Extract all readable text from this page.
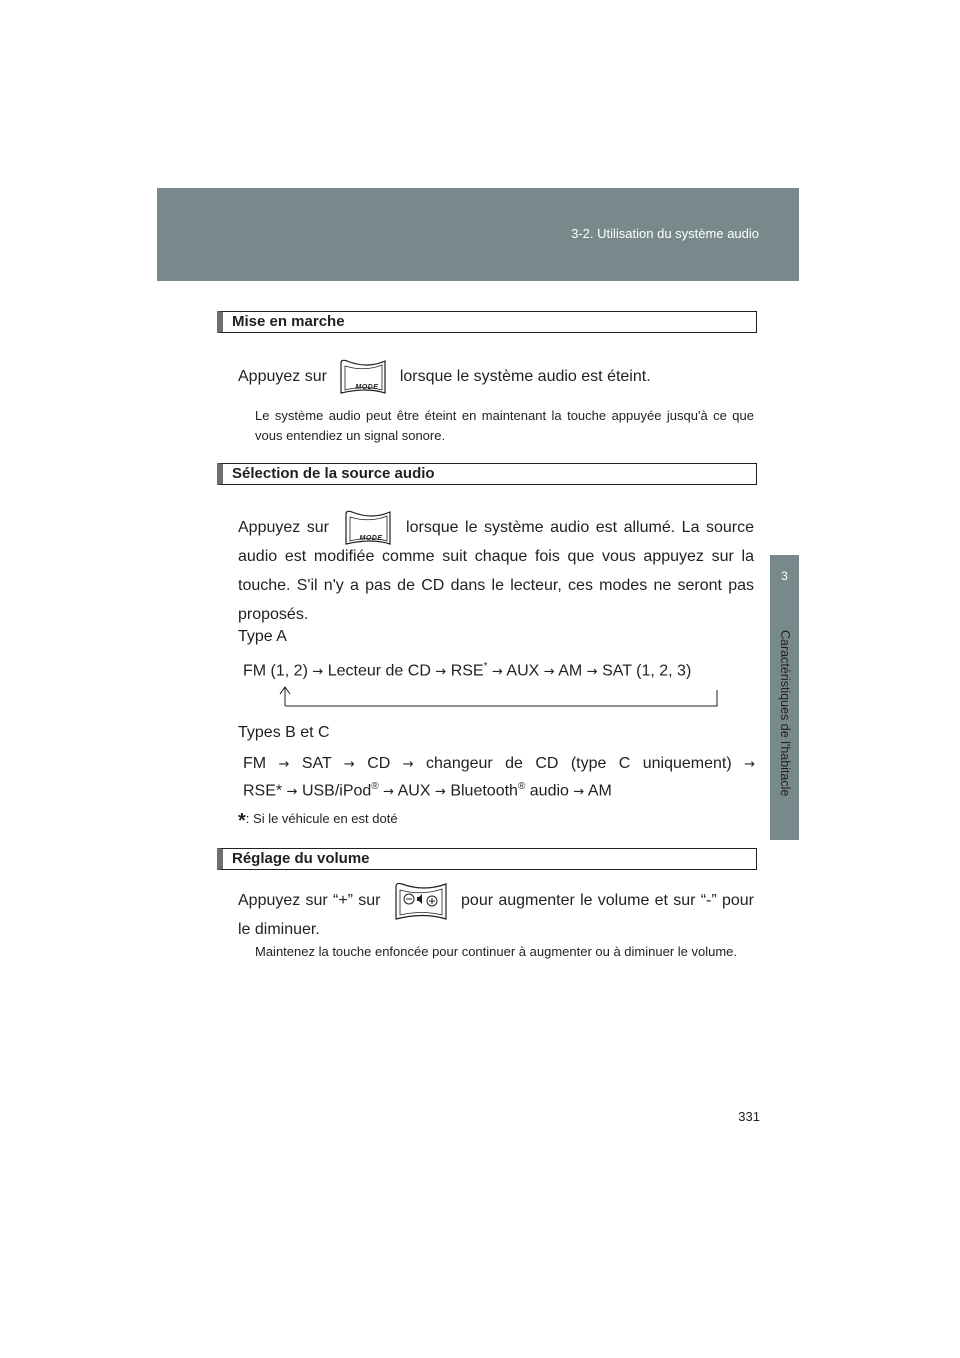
3-2. Utilisation du système audio
3
Caractéristiques de l'habitacle
Mise en marche
Appuyez sur
MODE
lorsque le système audio est éteint.
Le système audio peut être éteint en maintenant la touche appuyée jusqu'à ce que vous entendiez un signal sonore.
Sélection de la source audio
Appuyez sur
MODE
lorsque le système audio est allumé. La source audio est modifiée comme suit chaque fois que vous appuyez sur la touche. S'il n'y a pas de CD dans le lecteur, ces modes ne seront pas proposés.
Type A
FM (1, 2) → Lecteur de CD → RSE* → AUX → AM → SAT (1, 2, 3)
Types B et C
FM → SAT → CD → changeur de CD (type C uniquement) →
RSE* → USB/iPod® → AUX → Bluetooth® audio → AM
*: Si le véhicule en est doté
Réglage du volume
Appuyez sur “+” sur	pour augmenter le volume et sur “-” pour le diminuer.
Maintenez la touche enfoncée pour continuer à augmenter ou à diminuer le volume.
331
